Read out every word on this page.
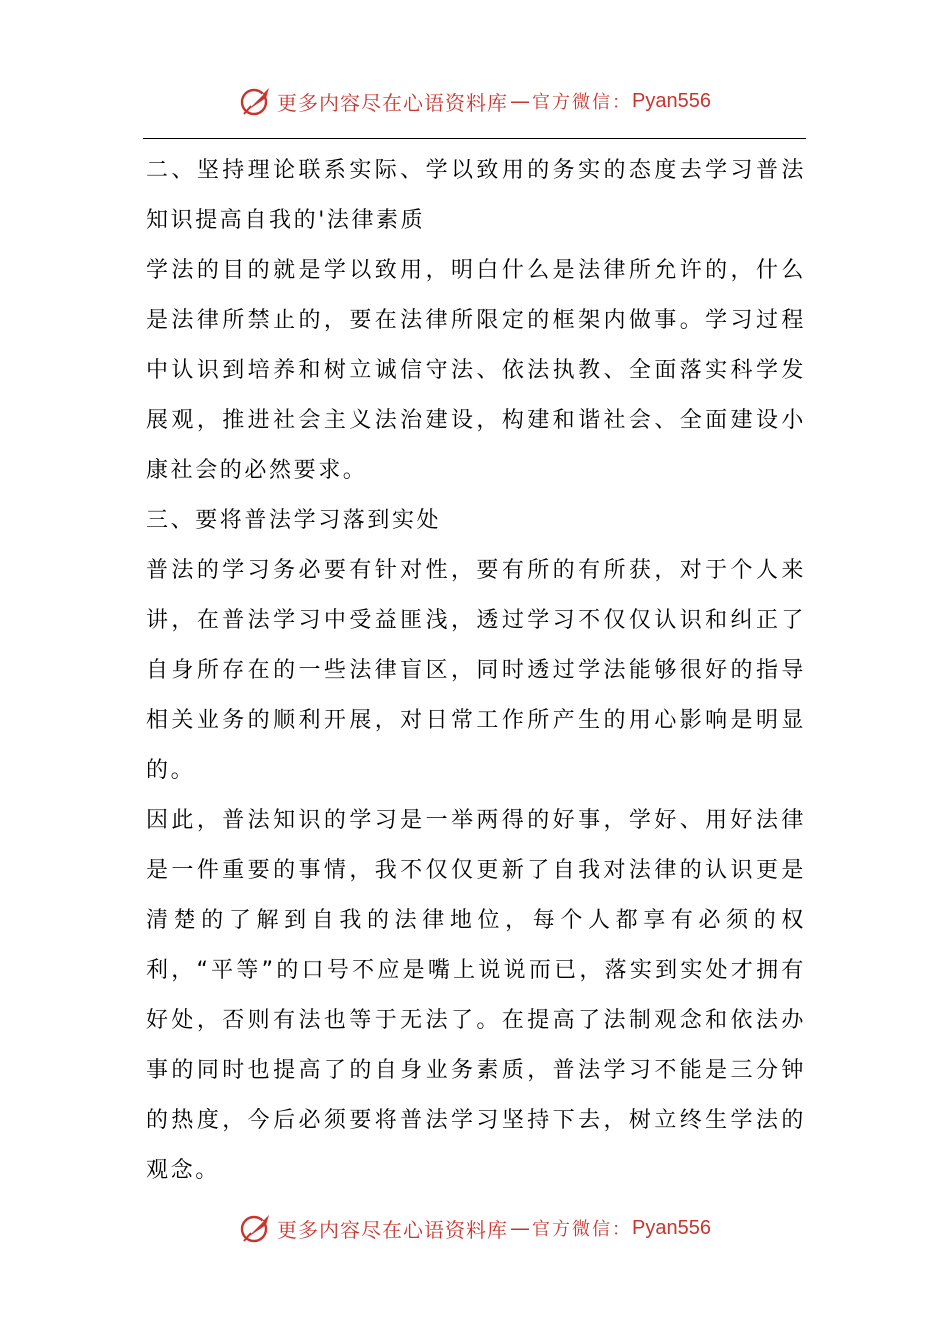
更多内容尽在心语资料库 — 官方微信： Pyan556

二、坚持理论联系实际、学以致用的务实的态度去学习普法知识提高自我的'法律素质

学法的目的就是学以致用，明白什么是法律所允许的，什么是法律所禁止的，要在法律所限定的框架内做事。学习过程中认识到培养和树立诚信守法、依法执教、全面落实科学发展观，推进社会主义法治建设，构建和谐社会、全面建设小康社会的必然要求。

三、要将普法学习落到实处

普法的学习务必要有针对性，要有所的有所获，对于个人来讲，在普法学习中受益匪浅，透过学习不仅仅认识和纠正了自身所存在的一些法律盲区，同时透过学法能够很好的指导相关业务的顺利开展，对日常工作所产生的用心影响是明显的。

因此，普法知识的学习是一举两得的好事，学好、用好法律是一件重要的事情，我不仅仅更新了自我对法律的认识更是清楚的了解到自我的法律地位，每个人都享有必须的权利，“平等”的口号不应是嘴上说说而已，落实到实处才拥有好处，否则有法也等于无法了。在提高了法制观念和依法办事的同时也提高了的自身业务素质，普法学习不能是三分钟的热度，今后必须要将普法学习坚持下去，树立终生学法的观念。

更多内容尽在心语资料库 — 官方微信： Pyan556
